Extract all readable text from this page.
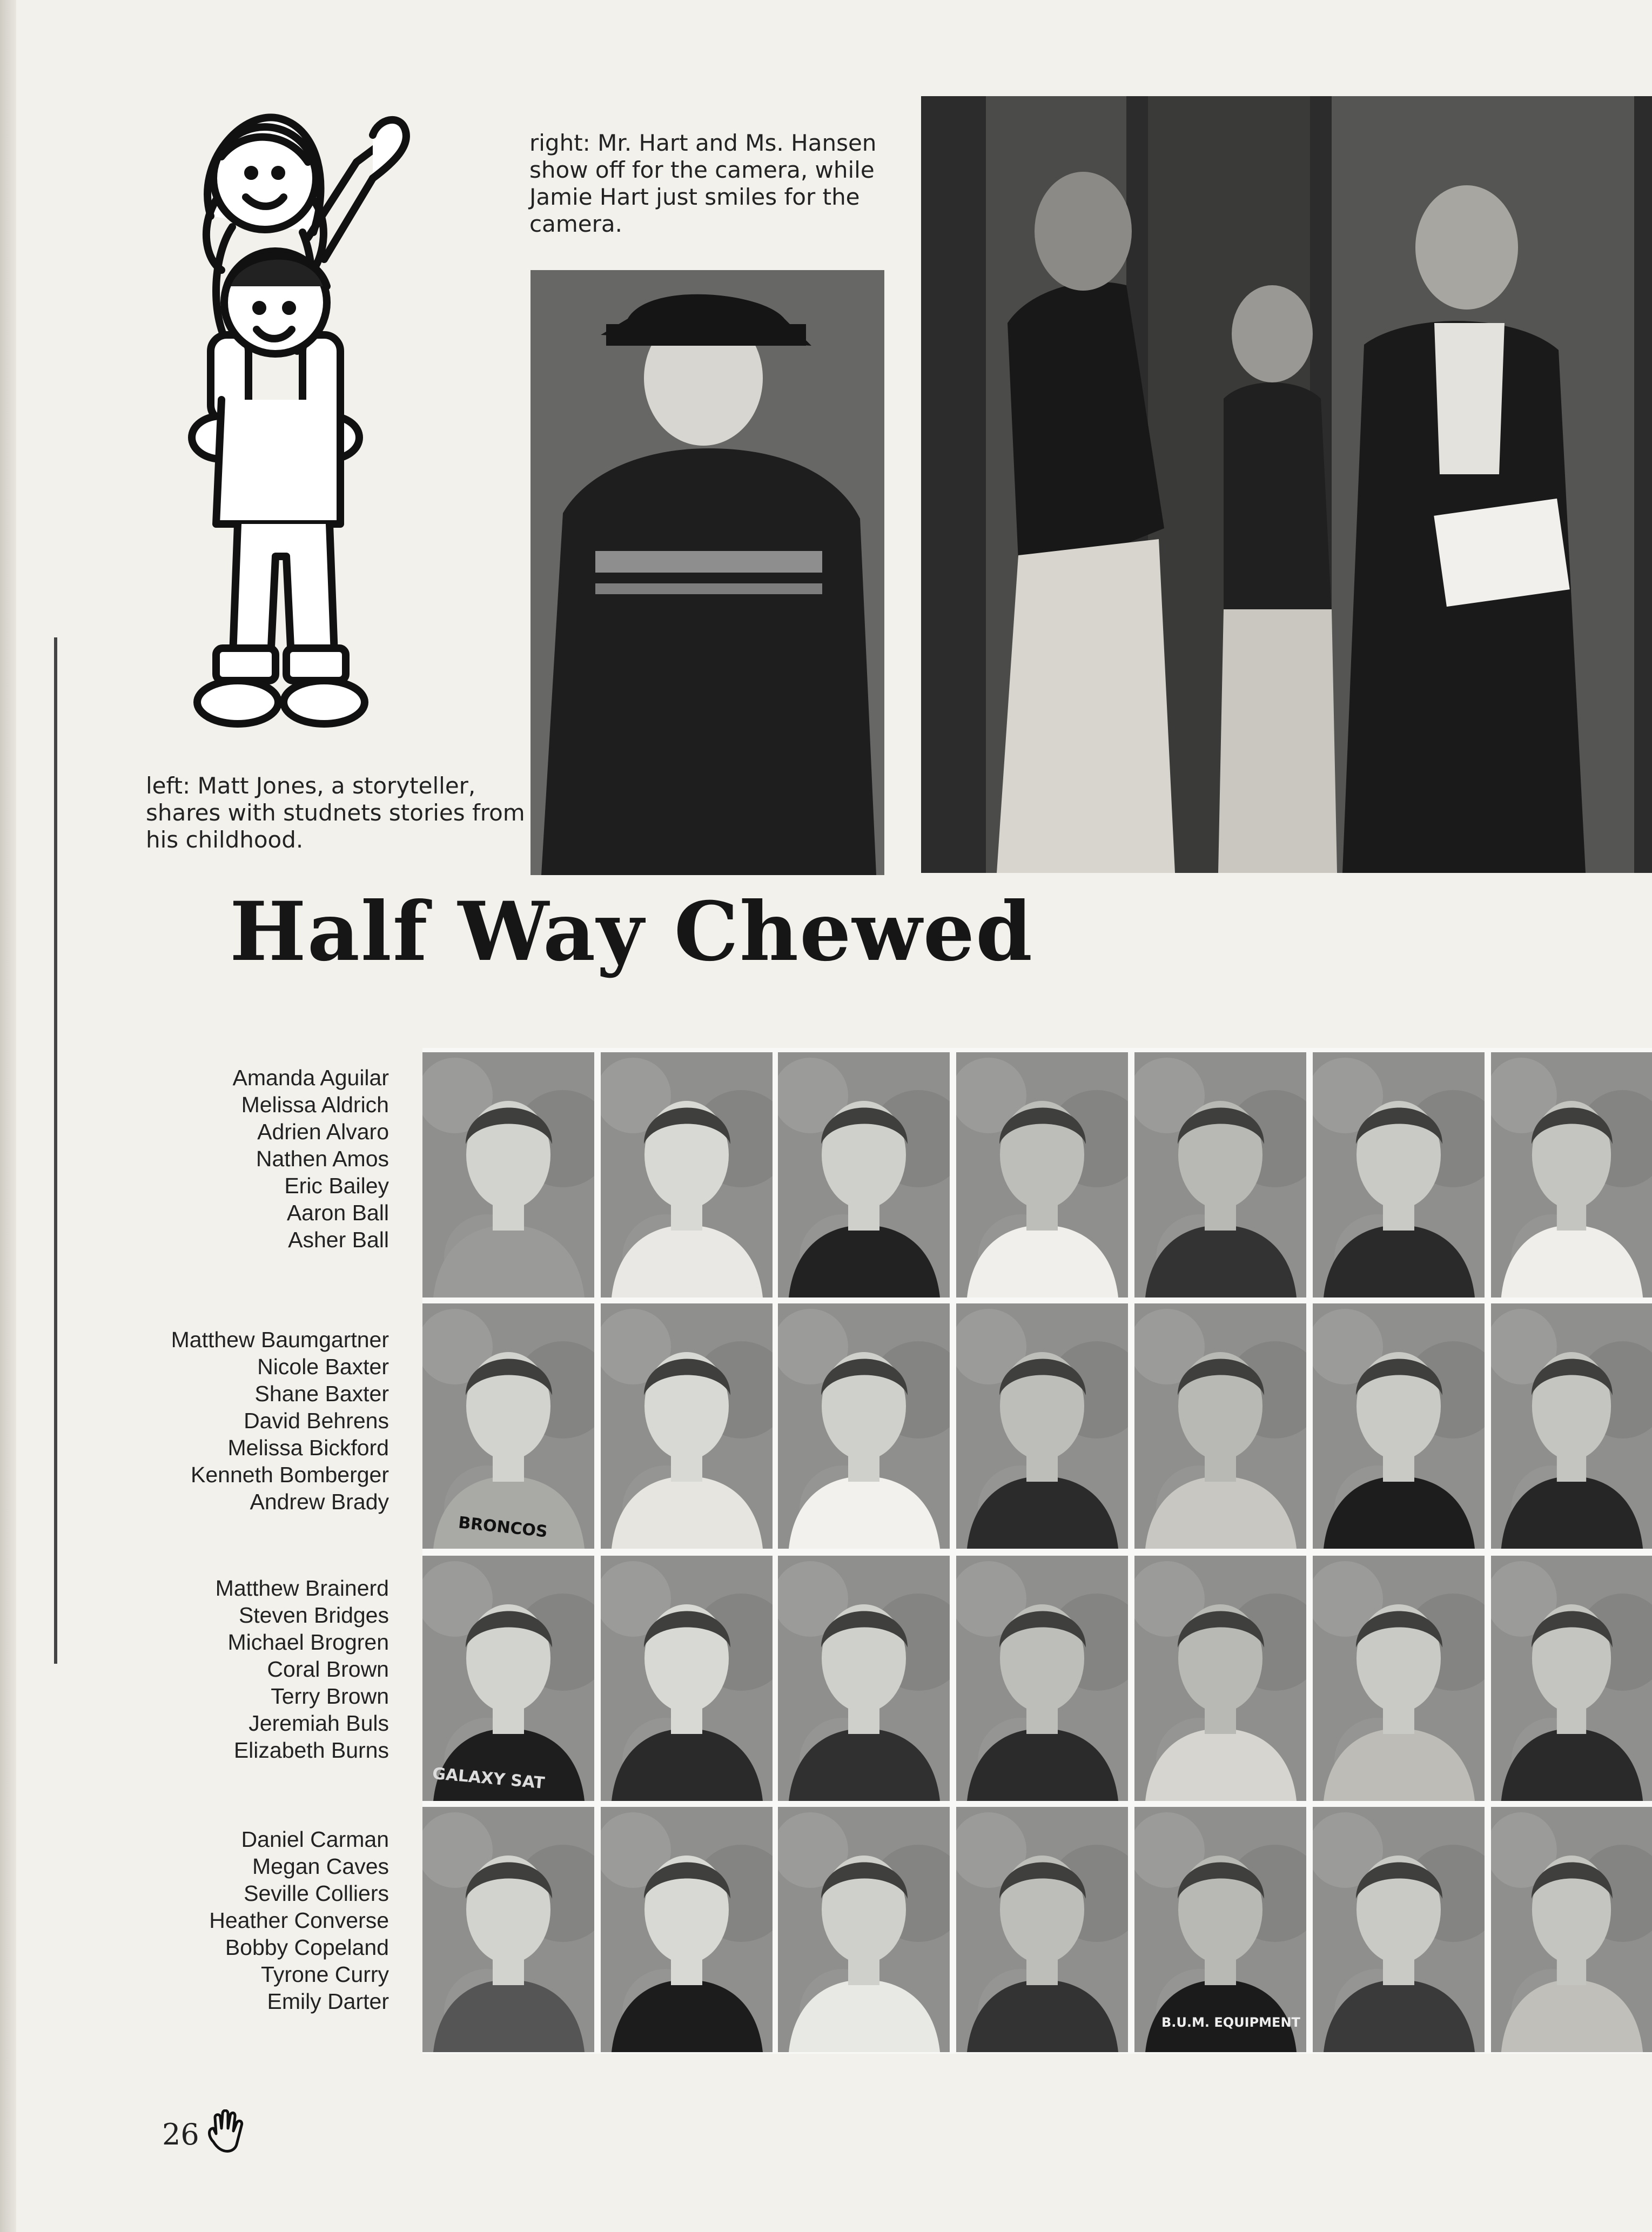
right: Mr. Hart and Ms. Hansen show off for the camera, while Jamie Hart just smiles for the camera.
left: Matt Jones, a storyteller, shares with studnets stories from his childhood.
Half Way Chewed
Amanda Aguilar
Melissa Aldrich
Adrien Alvaro
Nathen Amos
Eric Bailey
Aaron Ball
Asher Ball
Matthew Baumgartner
Nicole Baxter
Shane Baxter
David Behrens
Melissa Bickford
Kenneth Bomberger
Andrew Brady
Matthew Brainerd
Steven Bridges
Michael Brogren
Coral Brown
Terry Brown
Jeremiah Buls
Elizabeth Burns
Daniel Carman
Megan Caves
Seville Colliers
Heather Converse
Bobby Copeland
Tyrone Curry
Emily Darter
BRONCOS
GALAXY SAT
B.U.M. EQUIPMENT
26
